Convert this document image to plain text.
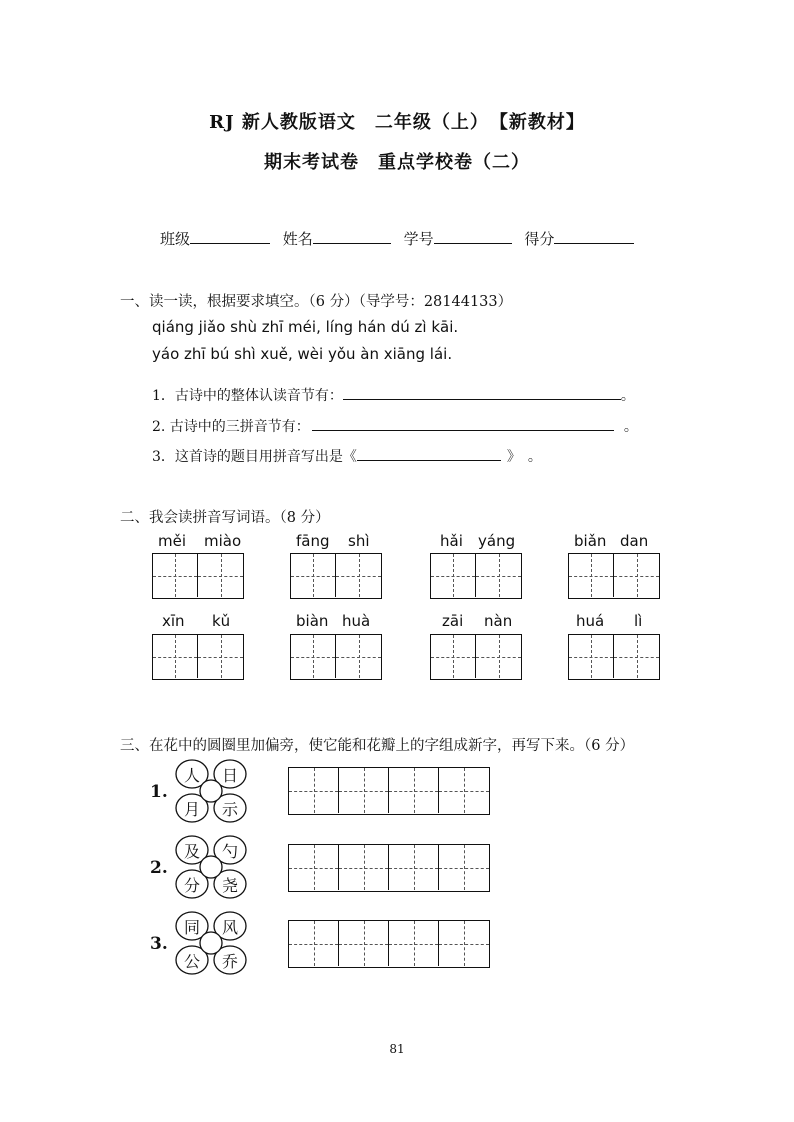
RJ 新人教版语文　二年级（上）　【新教材】
期末考试卷　重点学校卷（二）
班级	姓名	学号	得分
一、读一读，根据要求填空。（6 分）（导学号：28144133）
qiáng jiǎo shù zhī méi, líng hán dú zì kāi.
yáo zhī bú shì xuě, wèi yǒu àn xiāng lái.
1．古诗中的整体认读音节有：	。
2. 古诗中的三拼音节有：	。
3．这首诗的题目用拼音写出是《	》　。
二、我会读拼音写词语。（8 分）
měi miào	fāng shì	hǎi yáng	biǎn dan
xīn kǔ	biàn huà	zāi nàn	huá lì
三、在花中的圆圈里加偏旁，使它能和花瓣上的字组成新字，再写下来。（6 分）
1.
人 日
月 示
2.
及 勺
分 尧
3.
同 风
公 乔
81
